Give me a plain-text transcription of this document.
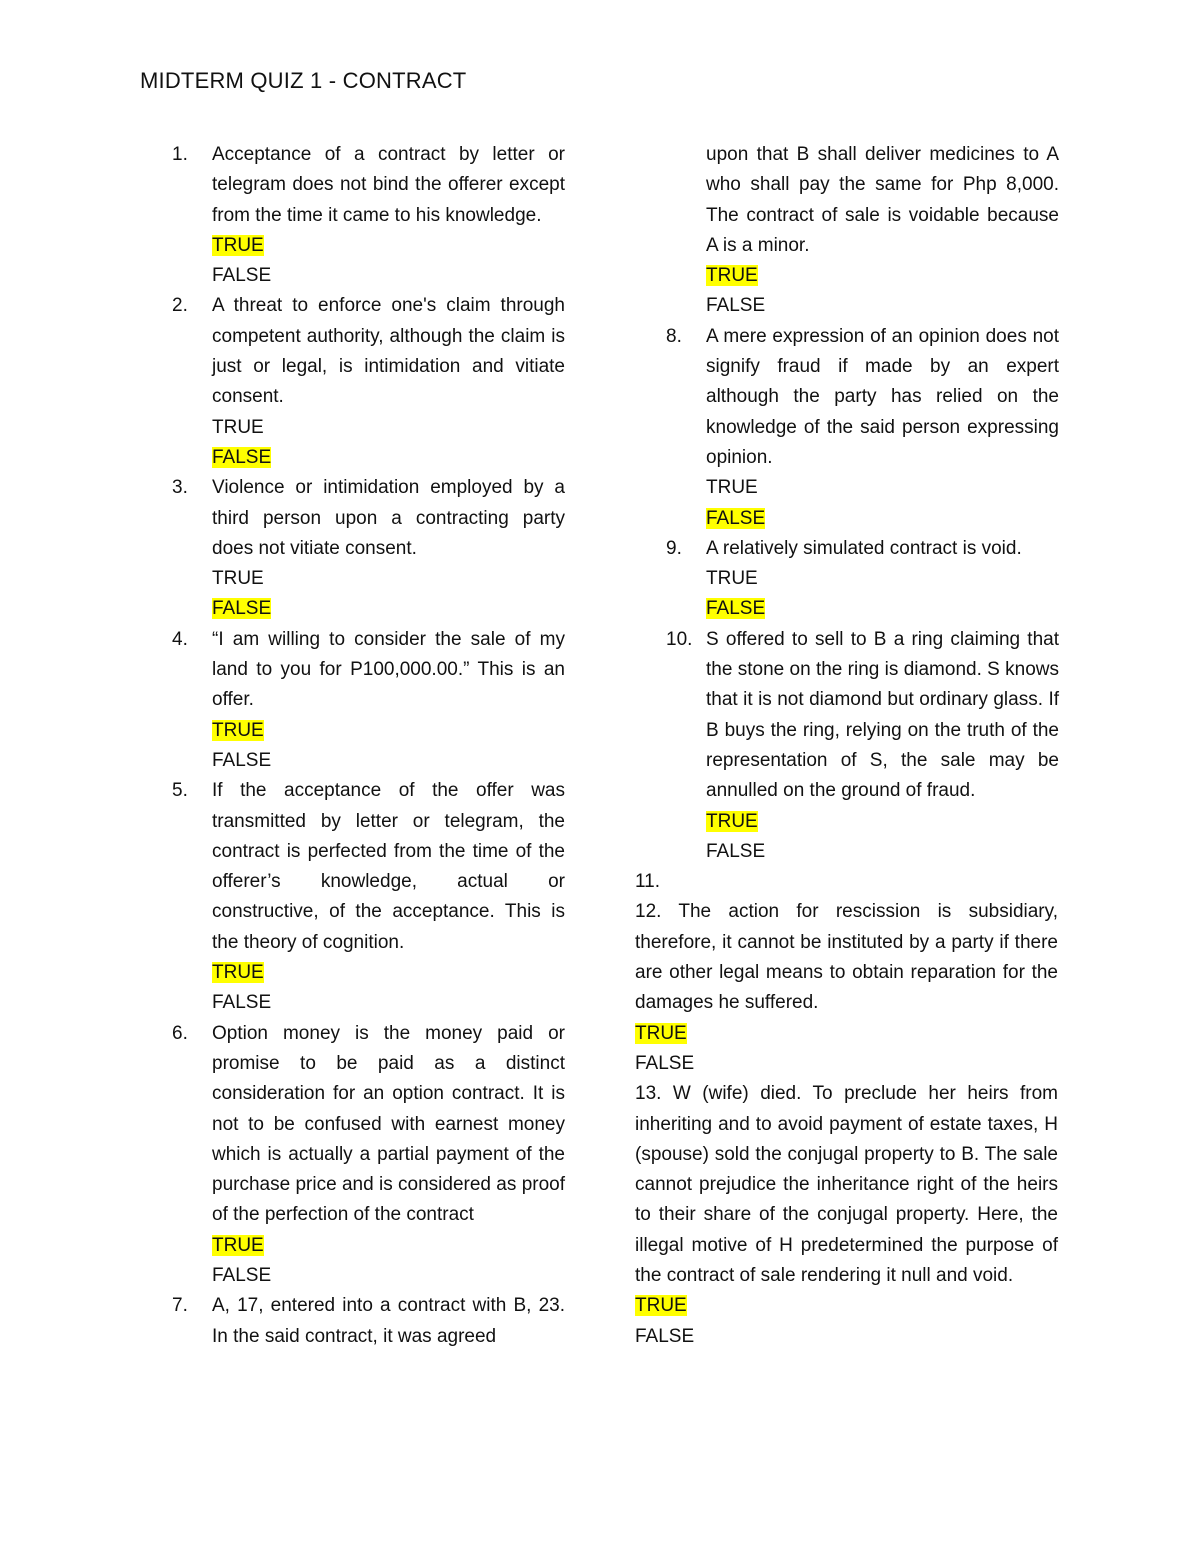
MIDTERM QUIZ 1 - CONTRACT
1.	Acceptance of a contract by letter or telegram does not bind the offerer except from the time it came to his knowledge.
TRUE
FALSE
2.	A threat to enforce one's claim through competent authority, although the claim is just or legal, is intimidation and vitiate consent.
TRUE
FALSE
3.	Violence or intimidation employed by a third person upon a contracting party does not vitiate consent.
TRUE
FALSE
4.	“I am willing to consider the sale of my land to you for P100,000.00.” This is an offer.
TRUE
FALSE
5.	If the acceptance of the offer was transmitted by letter or telegram, the contract is perfected from the time of the offerer’s knowledge, actual or constructive, of the acceptance. This is the theory of cognition.
TRUE
FALSE
6.	Option money is the money paid or promise to be paid as a distinct consideration for an option contract. It is not to be confused with earnest money which is actually a partial payment of the purchase price and is considered as proof of the perfection of the contract
TRUE
FALSE
7.	A, 17, entered into a contract with B, 23. In the said contract, it was agreed
upon that B shall deliver medicines to A who shall pay the same for Php 8,000. The contract of sale is voidable because A is a minor.
TRUE
FALSE
8.	A mere expression of an opinion does not signify fraud if made by an expert although the party has relied on the knowledge of the said person expressing opinion.
TRUE
FALSE
9.	A relatively simulated contract is void.
TRUE
FALSE
10. S offered to sell to B a ring claiming that the stone on the ring is diamond. S knows that it is not diamond but ordinary glass. If B buys the ring, relying on the truth of the representation of S, the sale may be annulled on the ground of fraud.
TRUE
FALSE
11.
12. The action for rescission is subsidiary, therefore, it cannot be instituted by a party if there are other legal means to obtain reparation for the damages he suffered.
TRUE
FALSE
13. W (wife) died. To preclude her heirs from inheriting and to avoid payment of estate taxes, H (spouse) sold the conjugal property to B. The sale cannot prejudice the inheritance right of the heirs to their share of the conjugal property. Here, the illegal motive of H predetermined the purpose of the contract of sale rendering it null and void.
TRUE
FALSE
